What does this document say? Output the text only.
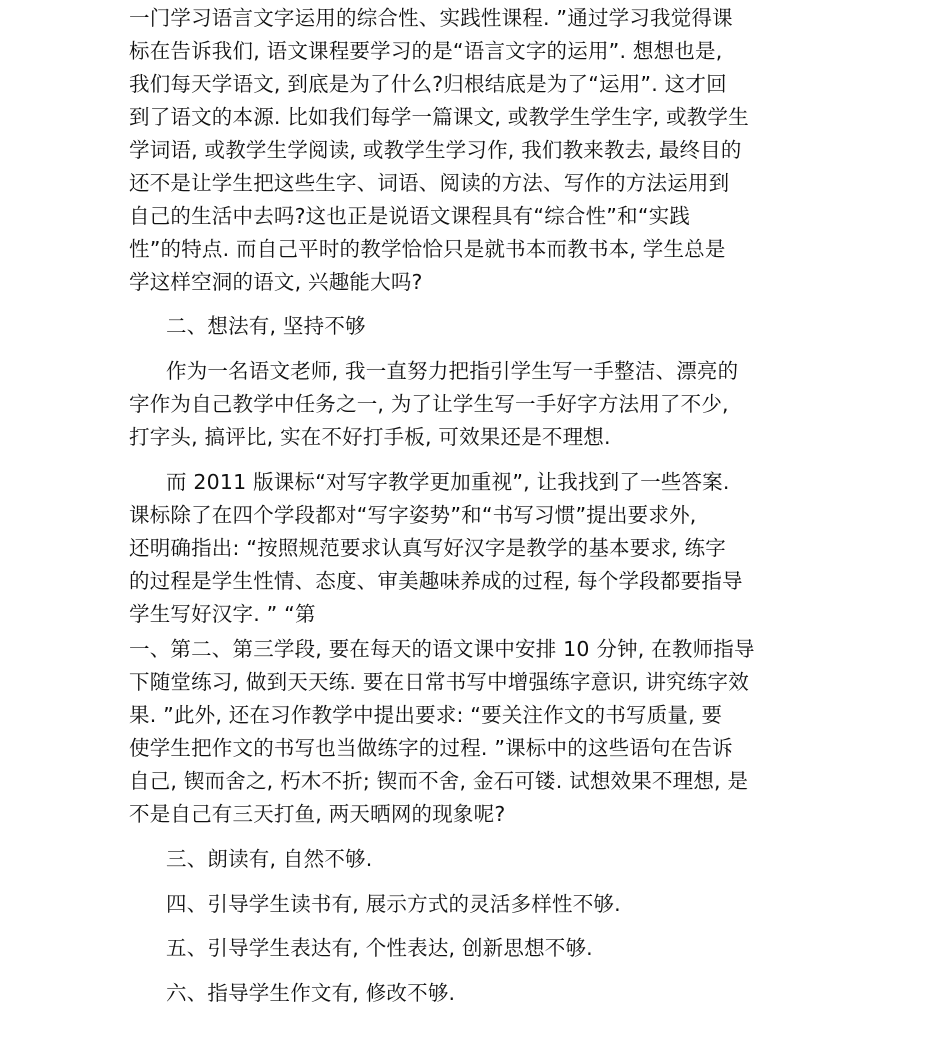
一门学习语言文字运用的综合性、实践性课程. ”通过学习我觉得课
标在告诉我们, 语文课程要学习的是“语言文字的运用”. 想想也是,
我们每天学语文, 到底是为了什么?归根结底是为了“运用”. 这才回
到了语文的本源. 比如我们每学一篇课文, 或教学生学生字, 或教学生
学词语, 或教学生学阅读, 或教学生学习作, 我们教来教去, 最终目的
还不是让学生把这些生字、词语、阅读的方法、写作的方法运用到
自己的生活中去吗?这也正是说语文课程具有“综合性”和“实践
性”的特点. 而自己平时的教学恰恰只是就书本而教书本, 学生总是
学这样空洞的语文, 兴趣能大吗?
二、想法有, 坚持不够
作为一名语文老师, 我一直努力把指引学生写一手整洁、漂亮的
字作为自己教学中任务之一, 为了让学生写一手好字方法用了不少,
打字头, 搞评比, 实在不好打手板, 可效果还是不理想.
而 2011 版课标“对写字教学更加重视”, 让我找到了一些答案.
课标除了在四个学段都对“写字姿势”和“书写习惯”提出要求外,
还明确指出: “按照规范要求认真写好汉字是教学的基本要求, 练字
的过程是学生性情、态度、审美趣味养成的过程, 每个学段都要指导
学生写好汉字. ” “第
一、第二、第三学段, 要在每天的语文课中安排 10 分钟, 在教师指导
下随堂练习, 做到天天练. 要在日常书写中增强练字意识, 讲究练字效
果. ”此外, 还在习作教学中提出要求: “要关注作文的书写质量, 要
使学生把作文的书写也当做练字的过程. ”课标中的这些语句在告诉
自己, 锲而舍之, 朽木不折; 锲而不舍, 金石可镂. 试想效果不理想, 是
不是自己有三天打鱼, 两天晒网的现象呢?
三、朗读有, 自然不够.
四、引导学生读书有, 展示方式的灵活多样性不够.
五、引导学生表达有, 个性表达, 创新思想不够.
六、指导学生作文有, 修改不够.
